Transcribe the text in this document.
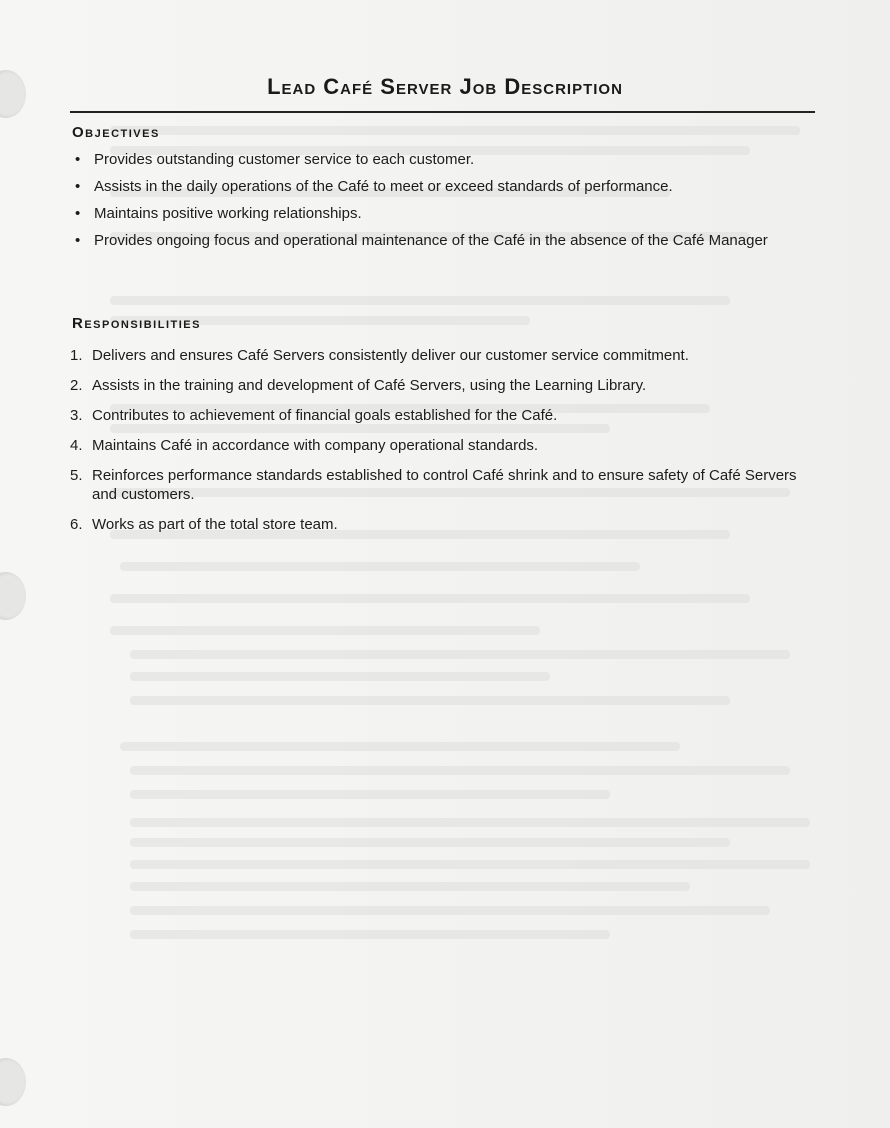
Lead Café Server Job Description
Objectives
• Provides outstanding customer service to each customer.
• Assists in the daily operations of the Café to meet or exceed standards of performance.
• Maintains positive working relationships.
• Provides ongoing focus and operational maintenance of the Café in the absence of the Café Manager
Responsibilities
1. Delivers and ensures Café Servers consistently deliver our customer service commitment.
2. Assists in the training and development of Café Servers, using the Learning Library.
3. Contributes to achievement of financial goals established for the Café.
4. Maintains Café in accordance with company operational standards.
5. Reinforces performance standards established to control Café shrink and to ensure safety of Café Servers and customers.
6. Works as part of the total store team.
